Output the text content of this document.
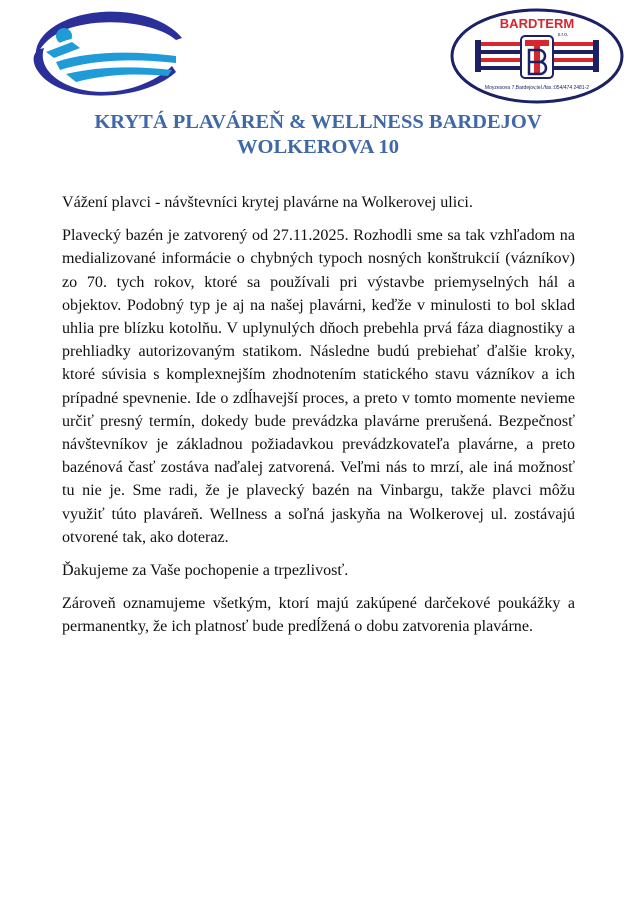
BARDTERM
s.r.o.
Moyzesova 7,Bardejov,tel./fax.:054/474 2481-2
KRYTÁ PLAVÁREŇ & WELLNESS BARDEJOV
WOLKEROVA 10

Vážení plavci - návštevníci krytej plavárne na Wolkerovej ulici.

Plavecký bazén je zatvorený od 27.11.2025. Rozhodli sme sa tak vzhľadom na medializované informácie o chybných typoch nosných konštrukcií (vázníkov) zo 70. tych rokov, ktoré sa používali pri výstavbe priemyselných hál a objektov. Podobný typ je aj na našej plavárni, keďže v minulosti to bol sklad uhlia pre blízku kotolňu. V uplynulých dňoch prebehla prvá fáza diagnostiky a prehliadky autorizovaným statikom. Následne budú prebiehať ďalšie kroky, ktoré súvisia s komplexnejším zhodnotením statického stavu vázníkov a ich prípadné spevnenie. Ide o zdĺhavejší proces, a preto v tomto momente nevieme určiť presný termín, dokedy bude prevádzka plavárne prerušená. Bezpečnosť návštevníkov je základnou požiadavkou prevádzkovateľa plavárne, a preto bazénová časť zostáva naďalej zatvorená. Veľmi nás to mrzí, ale iná možnosť tu nie je. Sme radi, že je plavecký bazén na Vinbargu, takže plavci môžu využiť túto plaváreň. Wellness a soľná jaskyňa na Wolkerovej ul. zostávajú otvorené tak, ako doteraz.

Ďakujeme za Vaše pochopenie a trpezlivosť.

Zároveň oznamujeme všetkým, ktorí majú zakúpené darčekové poukážky a permanentky, že ich platnosť bude predĺžená o dobu zatvorenia plavárne.
